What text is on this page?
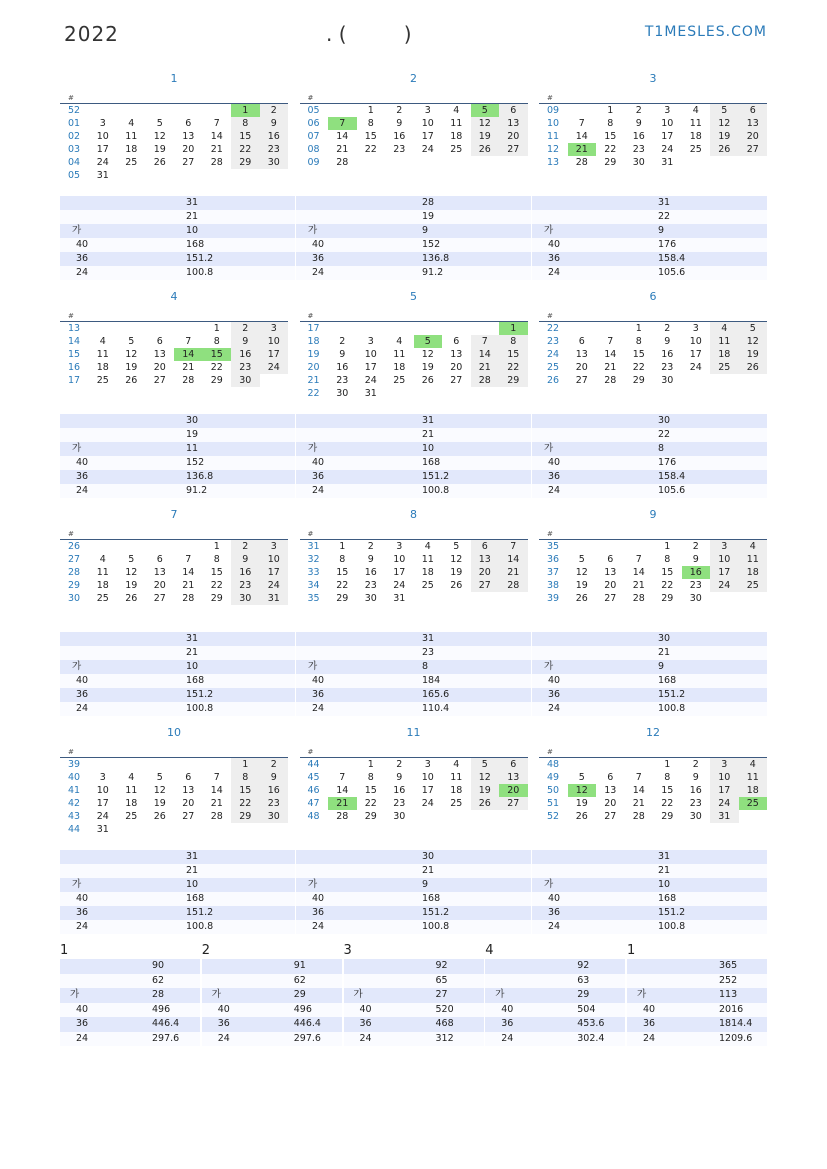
2022	. (         )	T1MESLES.COM
1
#							
52						1	2
01	3	4	5	6	7	8	9
02	10	11	12	13	14	15	16
03	17	18	19	20	21	22	23
04	24	25	26	27	28	29	30
05	31						
2
#							
05		1	2	3	4	5	6
06	7	8	9	10	11	12	13
07	14	15	16	17	18	19	20
08	21	22	23	24	25	26	27
09	28						
3
#							
09		1	2	3	4	5	6
10	7	8	9	10	11	12	13
11	14	15	16	17	18	19	20
12	21	22	23	24	25	26	27
13	28	29	30	31			
	31
	21
가	10
40	168
36	151.2
24	100.8
	28
	19
가	9
40	152
36	136.8
24	91.2
	31
	22
가	9
40	176
36	158.4
24	105.6
4
#							
13					1	2	3
14	4	5	6	7	8	9	10
15	11	12	13	14	15	16	17
16	18	19	20	21	22	23	24
17	25	26	27	28	29	30	
5
#							
17							1
18	2	3	4	5	6	7	8
19	9	10	11	12	13	14	15
20	16	17	18	19	20	21	22
21	23	24	25	26	27	28	29
22	30	31					
6
#							
22			1	2	3	4	5
23	6	7	8	9	10	11	12
24	13	14	15	16	17	18	19
25	20	21	22	23	24	25	26
26	27	28	29	30			
	30
	19
가	11
40	152
36	136.8
24	91.2
	31
	21
가	10
40	168
36	151.2
24	100.8
	30
	22
가	8
40	176
36	158.4
24	105.6
7
#							
26					1	2	3
27	4	5	6	7	8	9	10
28	11	12	13	14	15	16	17
29	18	19	20	21	22	23	24
30	25	26	27	28	29	30	31
8
#							
31	1	2	3	4	5	6	7
32	8	9	10	11	12	13	14
33	15	16	17	18	19	20	21
34	22	23	24	25	26	27	28
35	29	30	31				
9
#							
35				1	2	3	4
36	5	6	7	8	9	10	11
37	12	13	14	15	16	17	18
38	19	20	21	22	23	24	25
39	26	27	28	29	30		
	31
	21
가	10
40	168
36	151.2
24	100.8
	31
	23
가	8
40	184
36	165.6
24	110.4
	30
	21
가	9
40	168
36	151.2
24	100.8
10
#							
39						1	2
40	3	4	5	6	7	8	9
41	10	11	12	13	14	15	16
42	17	18	19	20	21	22	23
43	24	25	26	27	28	29	30
44	31						
11
#							
44		1	2	3	4	5	6
45	7	8	9	10	11	12	13
46	14	15	16	17	18	19	20
47	21	22	23	24	25	26	27
48	28	29	30				
12
#							
48				1	2	3	4
49	5	6	7	8	9	10	11
50	12	13	14	15	16	17	18
51	19	20	21	22	23	24	25
52	26	27	28	29	30	31	
	31
	21
가	10
40	168
36	151.2
24	100.8
	30
	21
가	9
40	168
36	151.2
24	100.8
	31
	21
가	10
40	168
36	151.2
24	100.8
1
	90
	62
가	28
40	496
36	446.4
24	297.6
2
	91
	62
가	29
40	496
36	446.4
24	297.6
3
	92
	65
가	27
40	520
36	468
24	312
4
	92
	63
가	29
40	504
36	453.6
24	302.4
1
	365
	252
가	113
40	2016
36	1814.4
24	1209.6
